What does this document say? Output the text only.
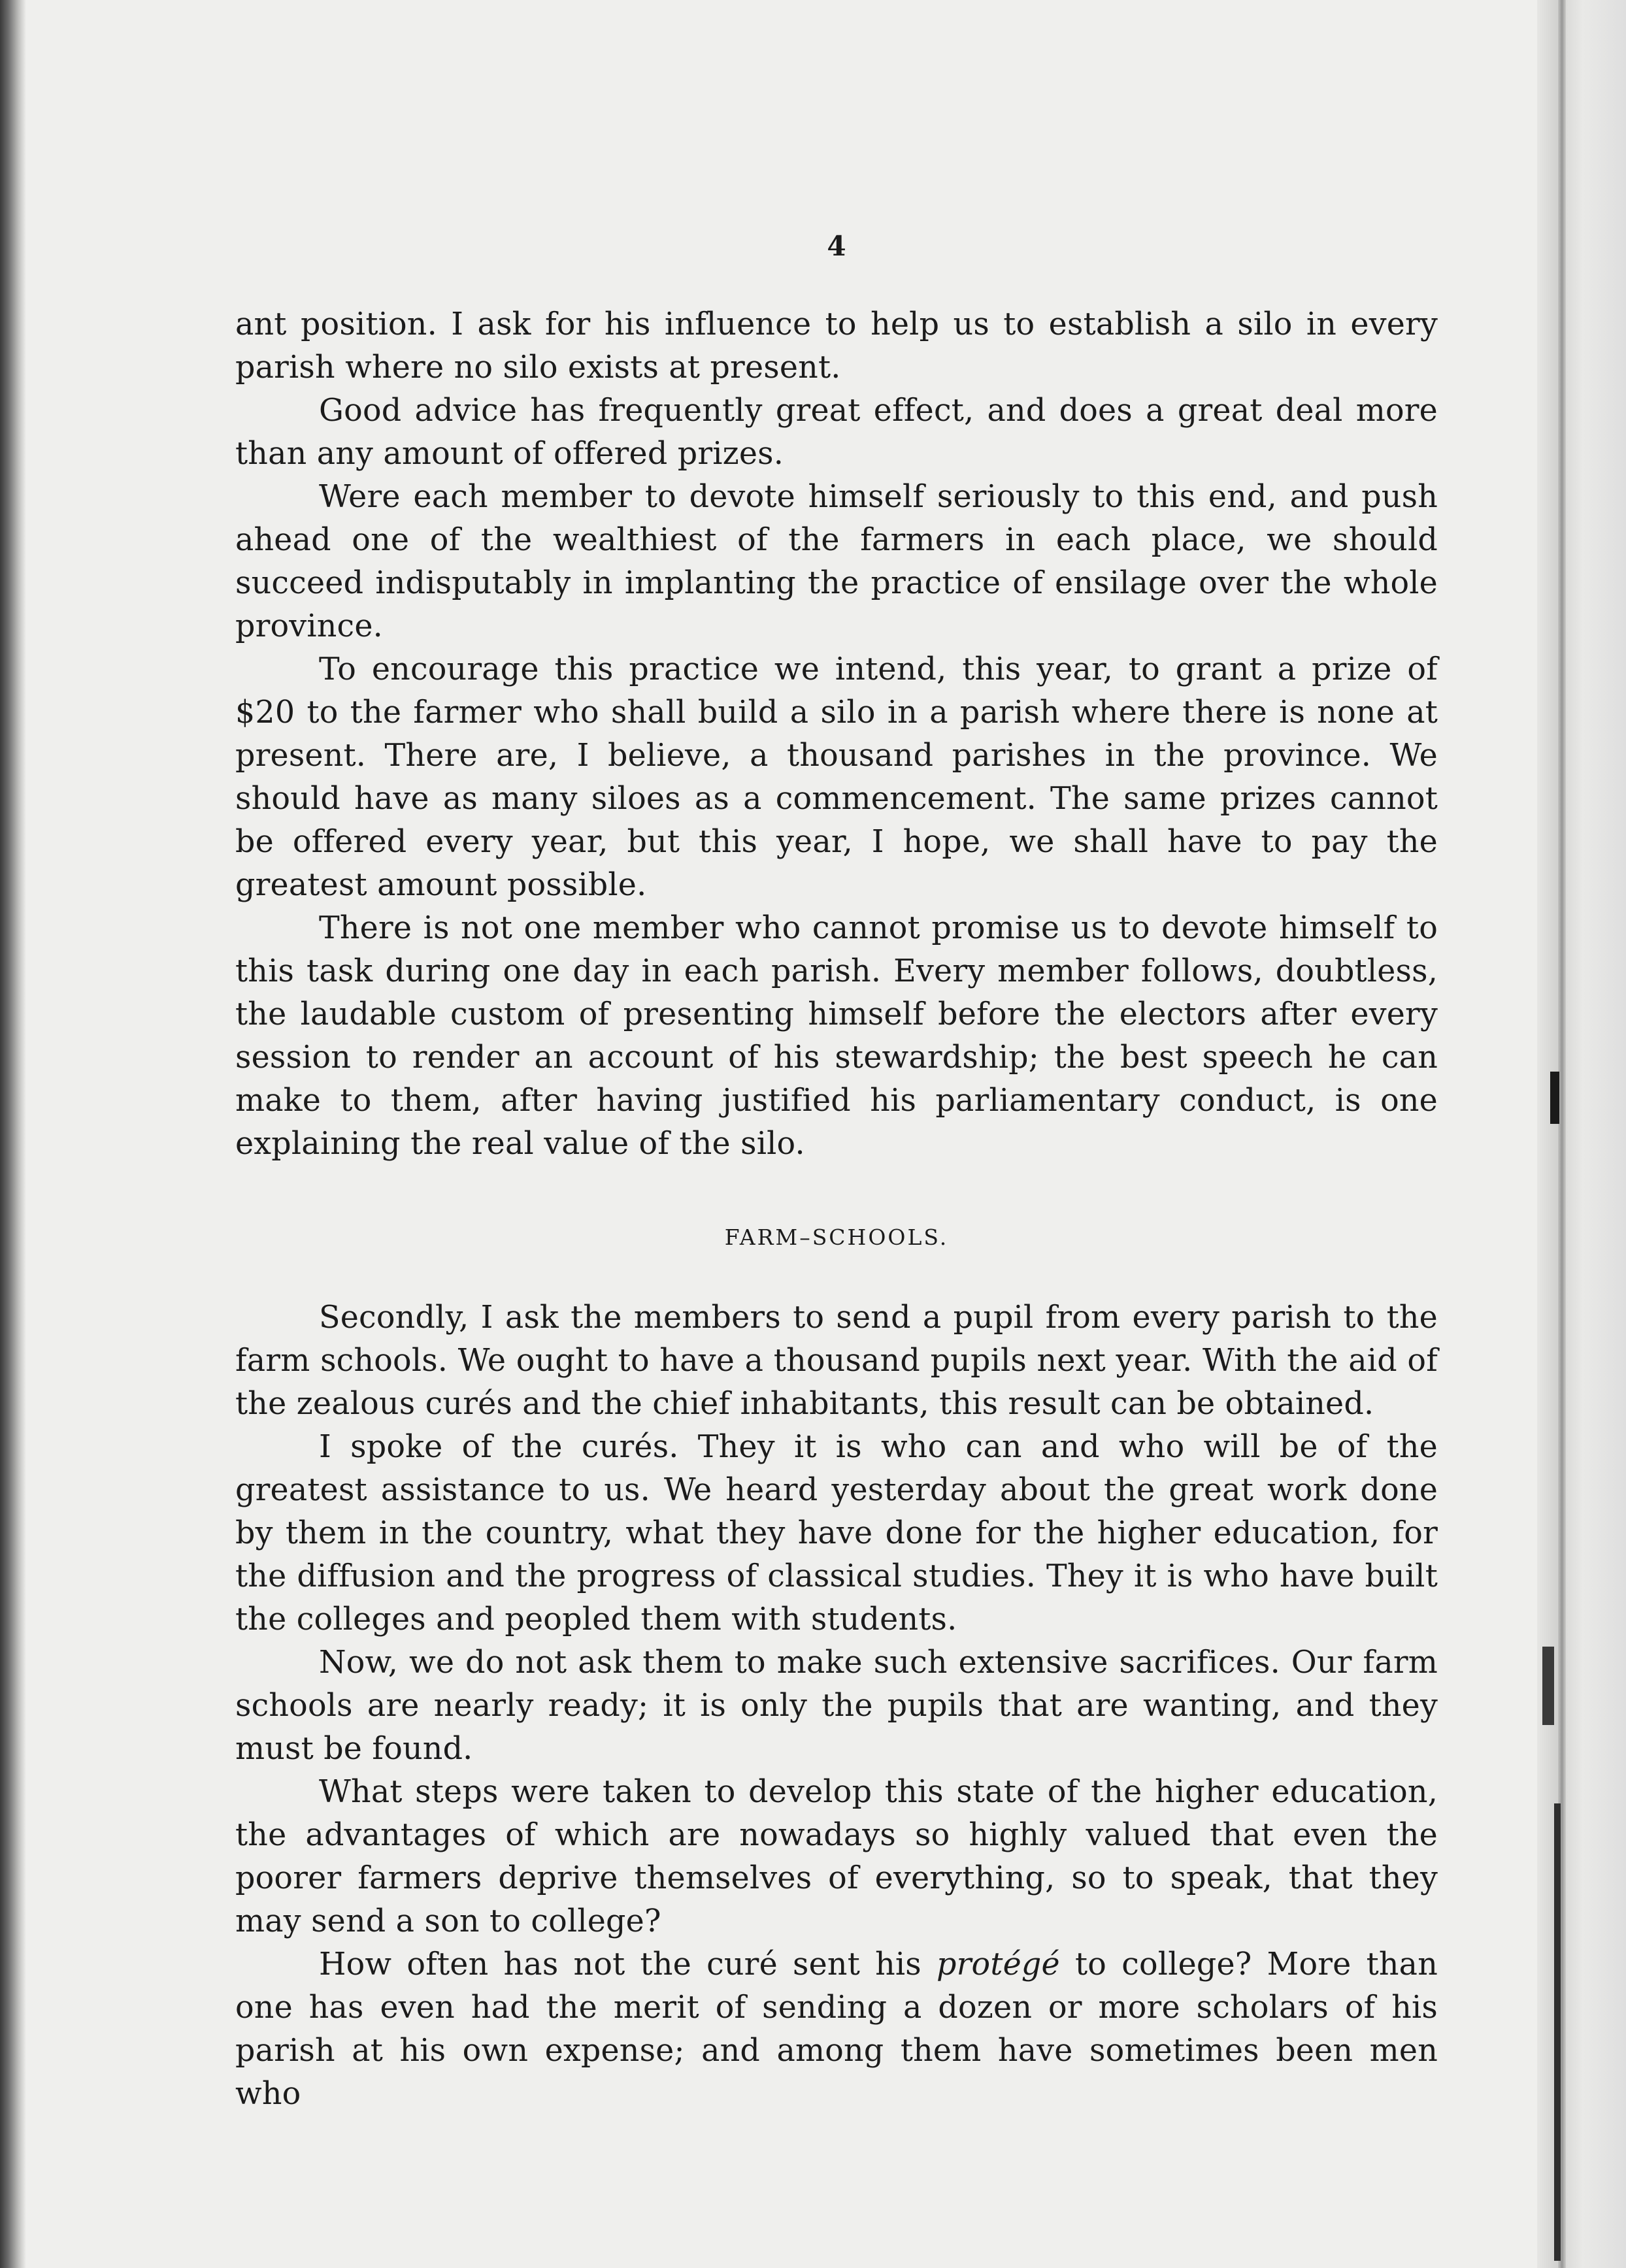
4

ant position. I ask for his influence to help us to establish a silo in every parish where no silo exists at present.

Good advice has frequently great effect, and does a great deal more than any amount of offered prizes.

Were each member to devote himself seriously to this end, and push ahead one of the wealthiest of the farmers in each place, we should succeed indisputably in implanting the practice of ensilage over the whole province.

To encourage this practice we intend, this year, to grant a prize of $20 to the farmer who shall build a silo in a parish where there is none at present. There are, I believe, a thousand parishes in the province. We should have as many siloes as a commencement. The same prizes cannot be offered every year, but this year, I hope, we shall have to pay the greatest amount possible.

There is not one member who cannot promise us to devote himself to this task during one day in each parish. Every member follows, doubtless, the laudable custom of presenting himself before the electors after every session to render an account of his stewardship; the best speech he can make to them, after having justified his parliamentary conduct, is one explaining the real value of the silo.

FARM–SCHOOLS.

Secondly, I ask the members to send a pupil from every parish to the farm schools. We ought to have a thousand pupils next year. With the aid of the zealous curés and the chief inhabitants, this result can be obtained.

I spoke of the curés. They it is who can and who will be of the greatest assistance to us. We heard yesterday about the great work done by them in the country, what they have done for the higher education, for the diffusion and the progress of classical studies. They it is who have built the colleges and peopled them with students.

Now, we do not ask them to make such extensive sacrifices. Our farm schools are nearly ready; it is only the pupils that are wanting, and they must be found.

What steps were taken to develop this state of the higher education, the advantages of which are nowadays so highly valued that even the poorer farmers deprive themselves of everything, so to speak, that they may send a son to college?

How often has not the curé sent his protégé to college? More than one has even had the merit of sending a dozen or more scholars of his parish at his own expense; and among them have sometimes been men who
